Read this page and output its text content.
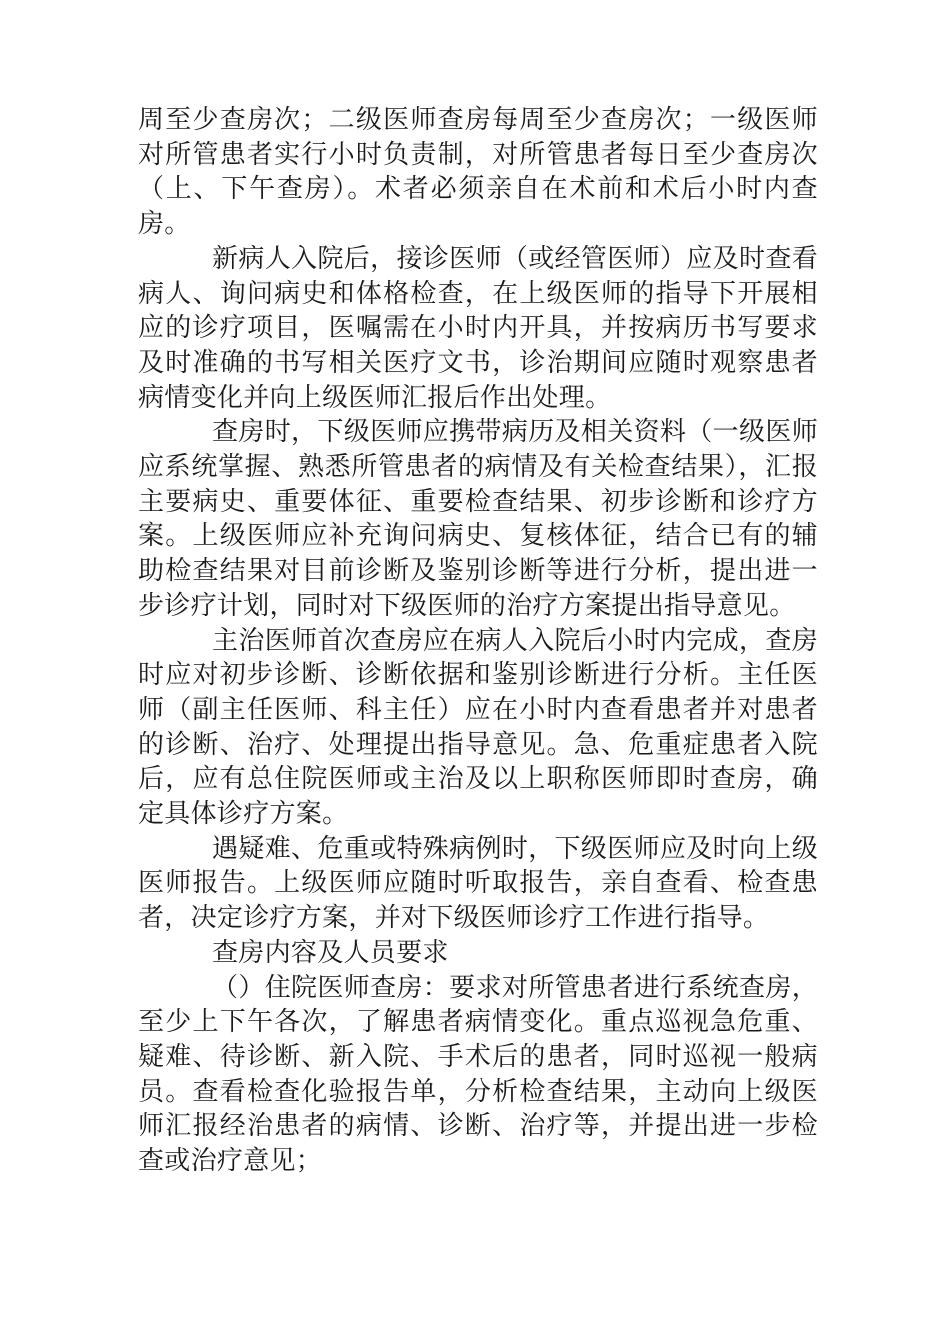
周至少查房次；二级医师查房每周至少查房次；一级医师对所管患者实行小时负责制，对所管患者每日至少查房次（上、下午查房）。术者必须亲自在术前和术后小时内查房。

新病人入院后，接诊医师（或经管医师）应及时查看病人、询问病史和体格检查，在上级医师的指导下开展相应的诊疗项目，医嘱需在小时内开具，并按病历书写要求及时准确的书写相关医疗文书，诊治期间应随时观察患者病情变化并向上级医师汇报后作出处理。

查房时，下级医师应携带病历及相关资料（一级医师应系统掌握、熟悉所管患者的病情及有关检查结果），汇报主要病史、重要体征、重要检查结果、初步诊断和诊疗方案。上级医师应补充询问病史、复核体征，结合已有的辅助检查结果对目前诊断及鉴别诊断等进行分析，提出进一步诊疗计划，同时对下级医师的治疗方案提出指导意见。

主治医师首次查房应在病人入院后小时内完成，查房时应对初步诊断、诊断依据和鉴别诊断进行分析。主任医师（副主任医师、科主任）应在小时内查看患者并对患者的诊断、治疗、处理提出指导意见。急、危重症患者入院后，应有总住院医师或主治及以上职称医师即时查房，确定具体诊疗方案。

遇疑难、危重或特殊病例时，下级医师应及时向上级医师报告。上级医师应随时听取报告，亲自查看、检查患者，决定诊疗方案，并对下级医师诊疗工作进行指导。

查房内容及人员要求

（）住院医师查房：要求对所管患者进行系统查房，至少上下午各次，了解患者病情变化。重点巡视急危重、疑难、待诊断、新入院、手术后的患者，同时巡视一般病员。查看检查化验报告单，分析检查结果，主动向上级医师汇报经治患者的病情、诊断、治疗等，并提出进一步检查或治疗意见；
